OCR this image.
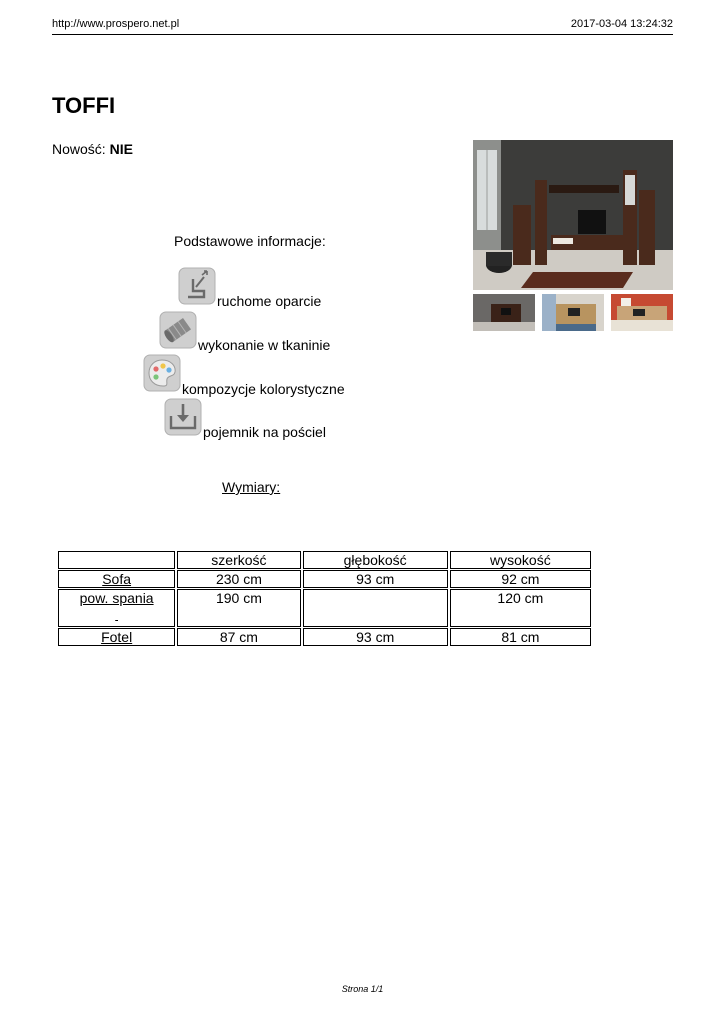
http://www.prospero.net.pl	2017-03-04 13:24:32
TOFFI
Nowość: NIE
Podstawowe informacje:
ruchome oparcie
wykonanie w tkaninie
kompozycje kolorystyczne
pojemnik na pościel
Wymiary:
	szerkość	głębokość	wysokość
Sofa	230 cm	93 cm	92 cm
pow. spania	190 cm		120 cm
Fotel	87 cm	93 cm	81 cm
Strona 1/1
